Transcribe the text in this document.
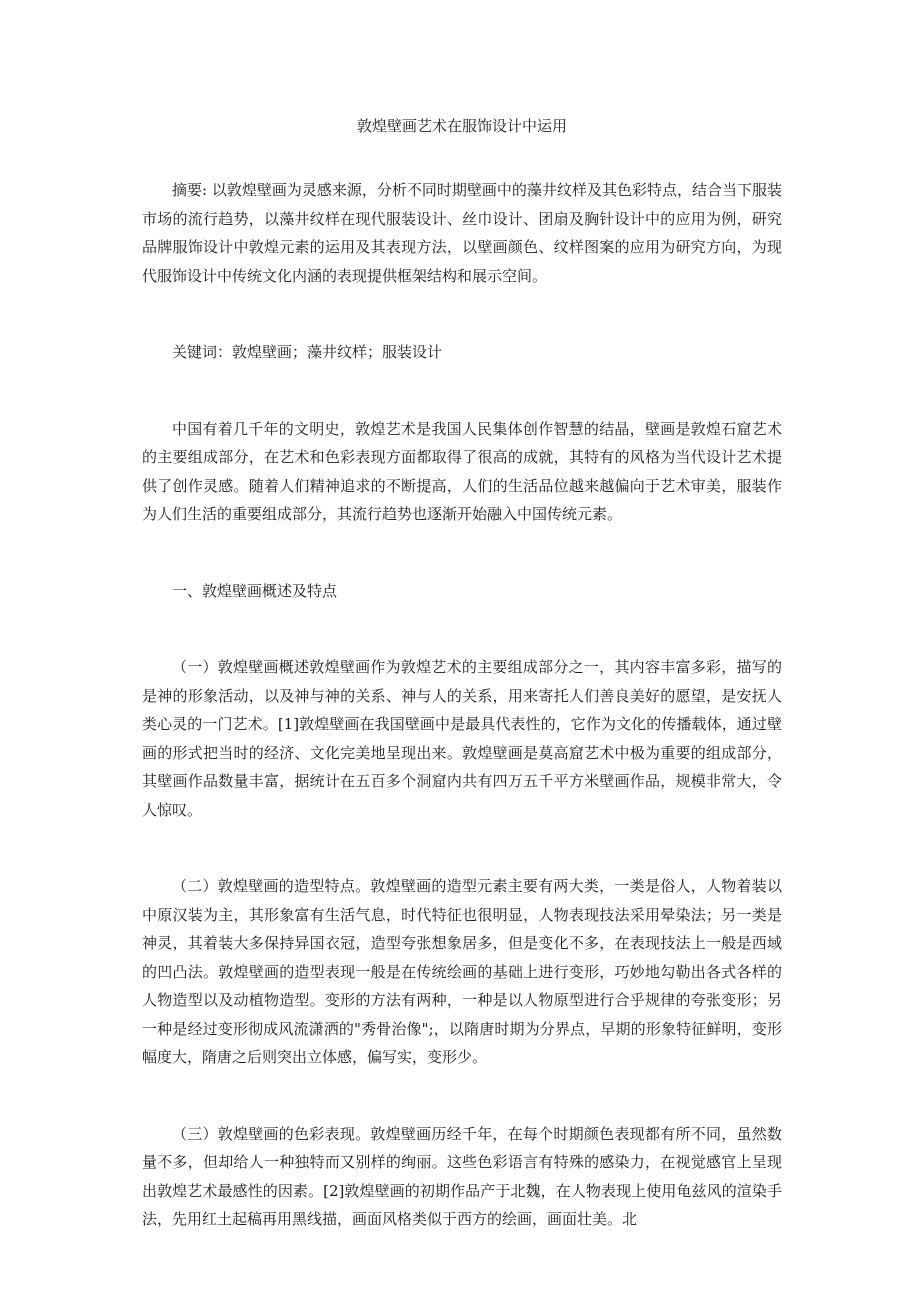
敦煌壁画艺术在服饰设计中运用

摘要: 以敦煌壁画为灵感来源，分析不同时期壁画中的藻井纹样及其色彩特点，结合当下服装市场的流行趋势，以藻井纹样在现代服装设计、丝巾设计、团扇及胸针设计中的应用为例，研究品牌服饰设计中敦煌元素的运用及其表现方法，以壁画颜色、纹样图案的应用为研究方向，为现代服饰设计中传统文化内涵的表现提供框架结构和展示空间。

关键词：敦煌壁画；藻井纹样；服装设计

中国有着几千年的文明史，敦煌艺术是我国人民集体创作智慧的结晶，壁画是敦煌石窟艺术的主要组成部分，在艺术和色彩表现方面都取得了很高的成就，其特有的风格为当代设计艺术提供了创作灵感。随着人们精神追求的不断提高，人们的生活品位越来越偏向于艺术审美，服装作为人们生活的重要组成部分，其流行趋势也逐渐开始融入中国传统元素。

一、敦煌壁画概述及特点

（一）敦煌壁画概述敦煌壁画作为敦煌艺术的主要组成部分之一，其内容丰富多彩，描写的是神的形象活动，以及神与神的关系、神与人的关系，用来寄托人们善良美好的愿望，是安抚人类心灵的一门艺术。[1]敦煌壁画在我国壁画中是最具代表性的，它作为文化的传播载体，通过壁画的形式把当时的经济、文化完美地呈现出来。敦煌壁画是莫高窟艺术中极为重要的组成部分，其壁画作品数量丰富，据统计在五百多个洞窟内共有四万五千平方米壁画作品，规模非常大，令人惊叹。

（二）敦煌壁画的造型特点。敦煌壁画的造型元素主要有两大类，一类是俗人，人物着装以中原汉装为主，其形象富有生活气息，时代特征也很明显，人物表现技法采用晕染法；另一类是神灵，其着装大多保持异国衣冠，造型夸张想象居多，但是变化不多，在表现技法上一般是西域的凹凸法。敦煌壁画的造型表现一般是在传统绘画的基础上进行变形，巧妙地勾勒出各式各样的人物造型以及动植物造型。变形的方法有两种，一种是以人物原型进行合乎规律的夸张变形；另一种是经过变形彻成风流潇洒的"秀骨治像";，以隋唐时期为分界点，早期的形象特征鲜明，变形幅度大，隋唐之后则突出立体感，偏写实，变形少。

（三）敦煌壁画的色彩表现。敦煌壁画历经千年，在每个时期颜色表现都有所不同，虽然数量不多，但却给人一种独特而又别样的绚丽。这些色彩语言有特殊的感染力，在视觉感官上呈现出敦煌艺术最感性的因素。[2]敦煌壁画的初期作品产于北魏，在人物表现上使用龟兹风的渲染手法，先用红土起稿再用黑线描，画面风格类似于西方的绘画，画面壮美。北
